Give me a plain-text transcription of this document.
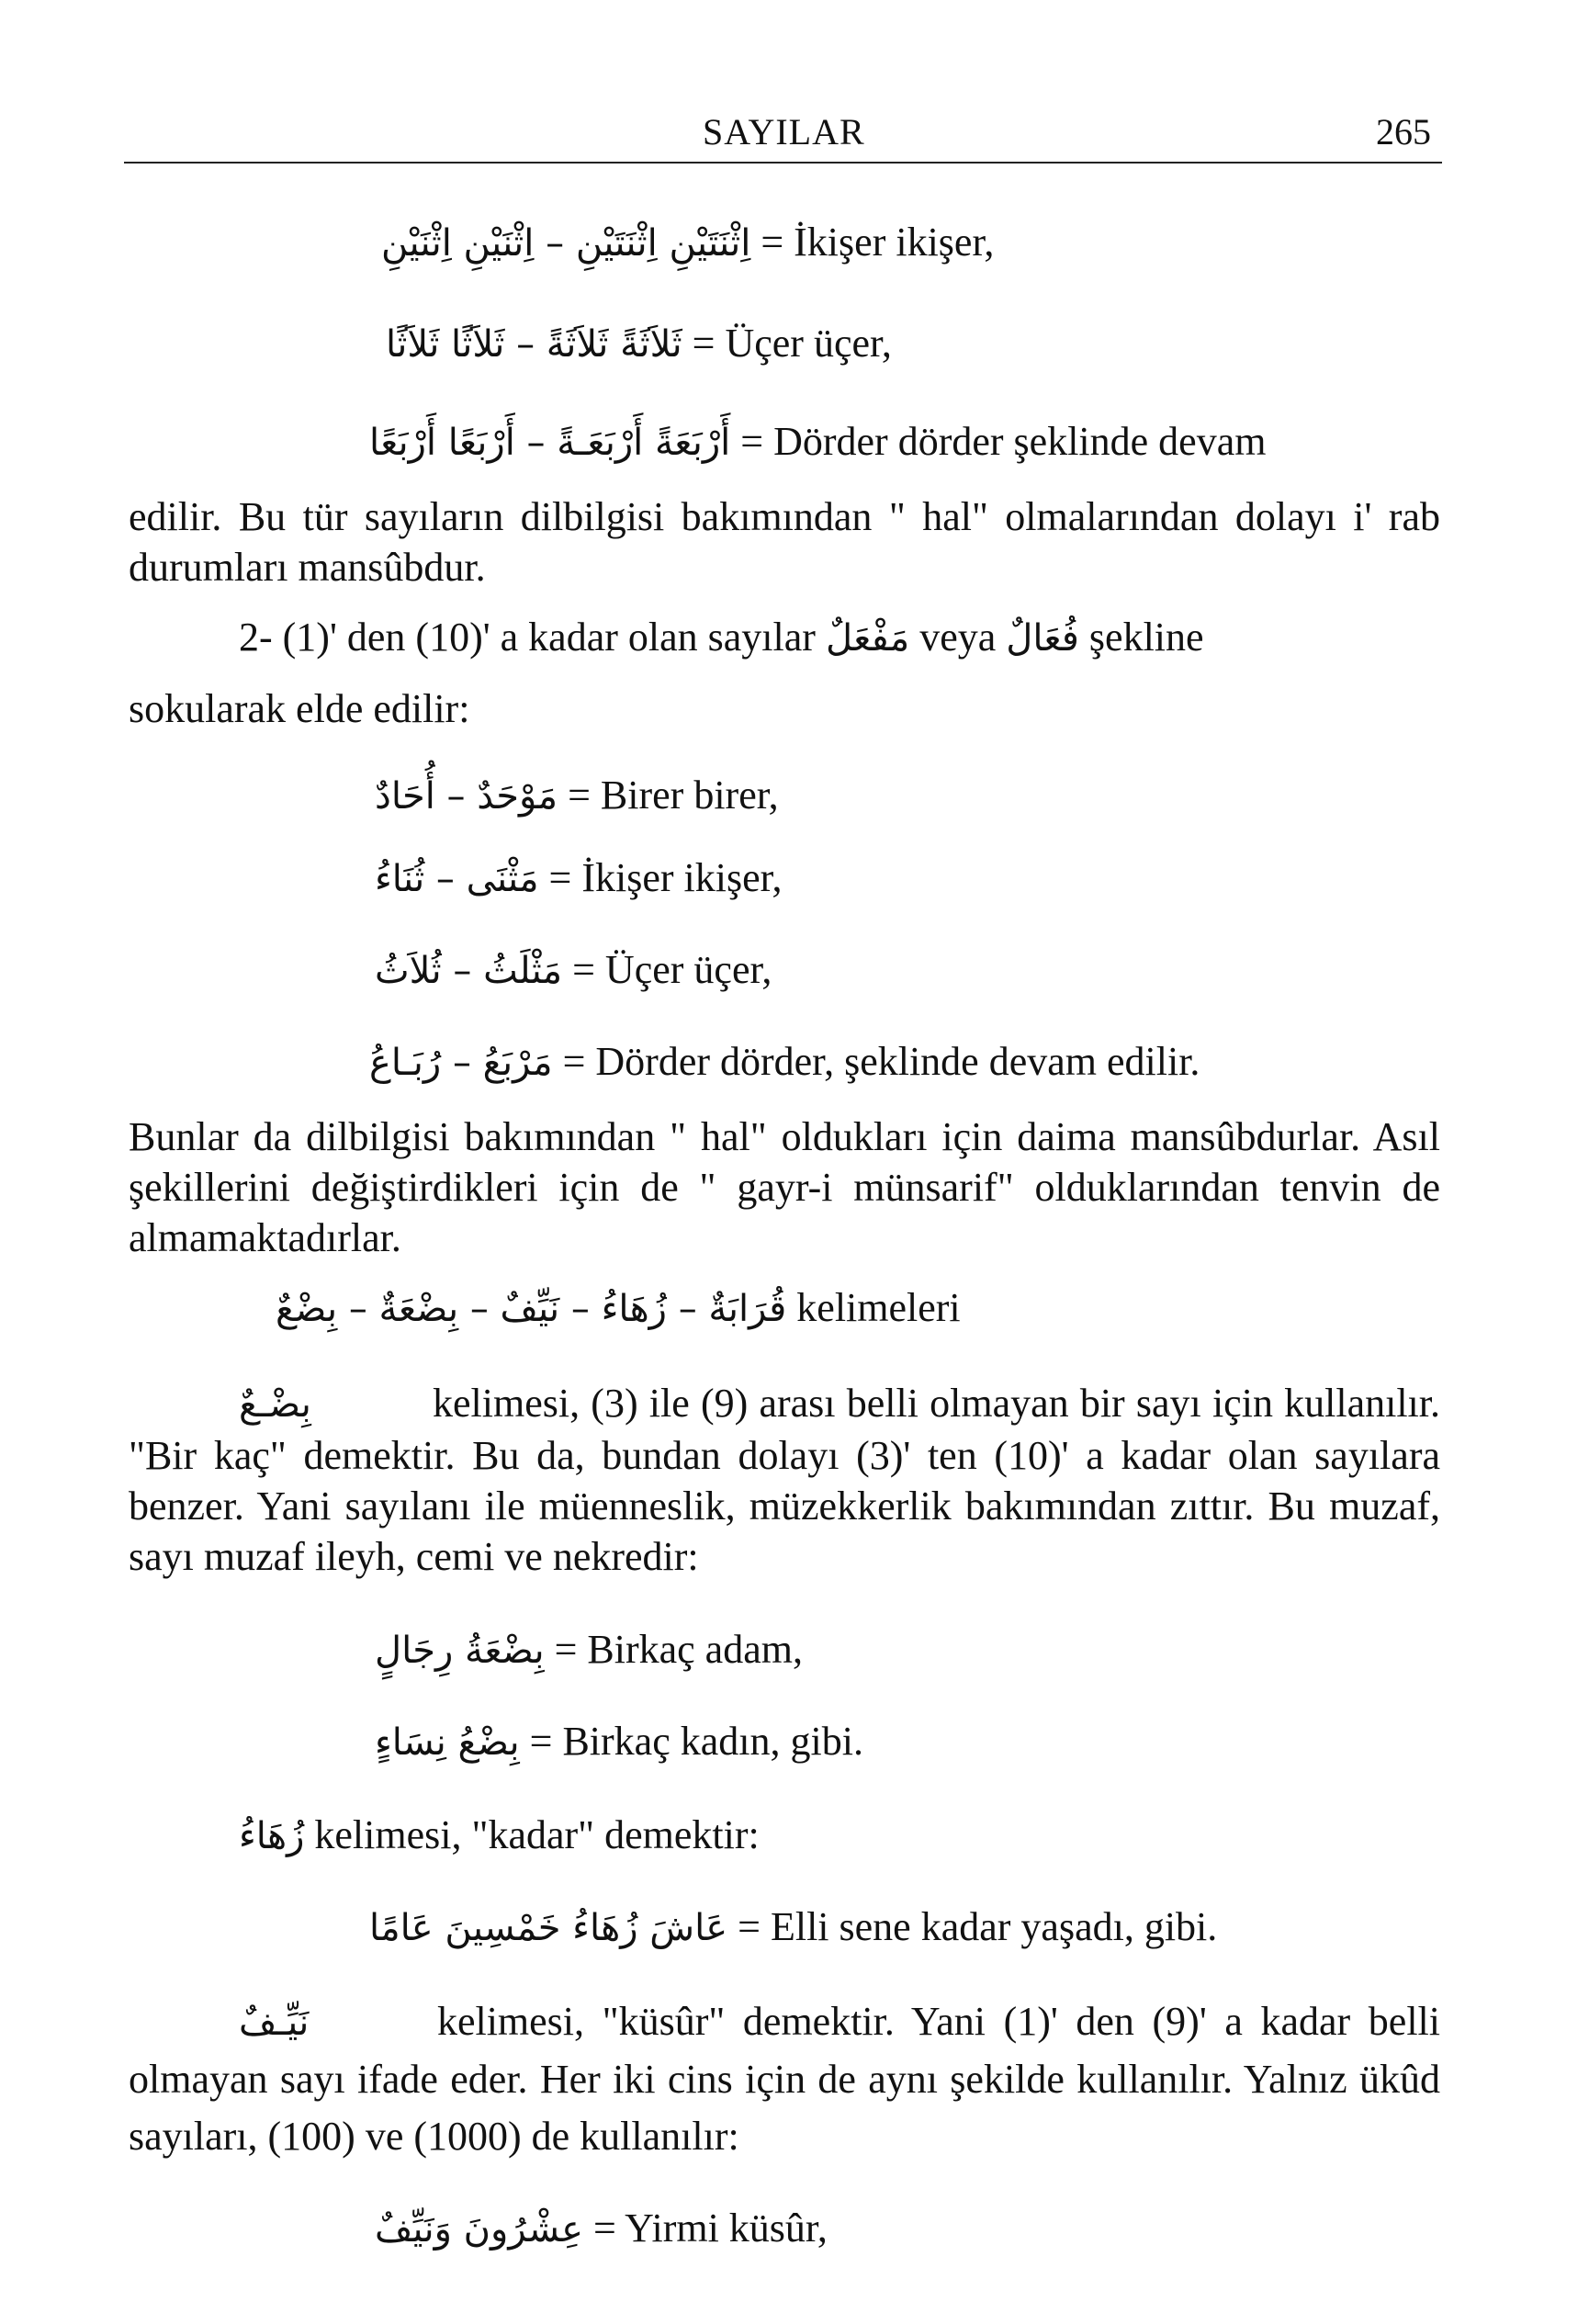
SAYILAR	265
اِثْنَتَيْنِ اِثْنَتَيْنِ – اِثْنَيْنِ اِثْنَيْنِ = İkişer ikişer,
ثَلاَثَةً ثَلاَثَةً – ثَلاَثًا ثَلاَثًا = Üçer üçer,
أَرْبَعَةً أَرْبَعَـةً – أَرْبَعًا أَرْبَعًا = Dörder dörder şeklinde devam
edilir. Bu tür sayıların dilbilgisi bakımından " hal" olmalarından dolayı i' rab durumları mansûbdur.
2- (1)' den (10)' a kadar olan sayılar مَفْعَلٌ veya فُعَالٌ şekline
sokularak elde edilir:
مَوْحَدٌ – أُحَادٌ = Birer birer,
مَثْنَى – ثُنَاءُ = İkişer ikişer,
مَثْلَثُ – ثُلاَثُ = Üçer üçer,
مَرْبَعُ – رُبَـاعُ = Dörder dörder, şeklinde devam edilir.
Bunlar da dilbilgisi bakımından " hal" oldukları için daima mansûbdurlar. Asıl şekillerini değiştirdikleri için de " gayr-i münsarif" olduklarından tenvin de almamaktadırlar.
قُرَابَةٌ – زُهَاءُ – نَيِّفٌ – بِضْعَةٌ – بِضْعٌ kelimeleri
بِضْـعٌ	kelimesi, (3) ile (9) arası belli olmayan bir sayı için kullanılır. "Bir kaç" demektir. Bu da, bundan dolayı (3)' ten (10)' a kadar olan sayılara benzer. Yani sayılanı ile müenneslik, müzekkerlik bakımından zıttır. Bu muzaf, sayı muzaf ileyh, cemi ve nekredir:
بِضْعَةُ رِجَالٍ = Birkaç adam,
بِضْعُ نِسَاءٍ = Birkaç kadın, gibi.
زُهَاءُ kelimesi, "kadar" demektir:
عَاشَ زُهَاءُ خَمْسِينَ عَامًا = Elli sene kadar yaşadı, gibi.
نَيِّـفٌ	kelimesi, "küsûr" demektir. Yani (1)' den (9)' a kadar belli olmayan sayı ifade eder. Her iki cins için de aynı şekilde kullanılır. Yalnız ükûd sayıları, (100) ve (1000) de kullanılır:
عِشْرُونَ وَنَيِّفٌ = Yirmi küsûr,
